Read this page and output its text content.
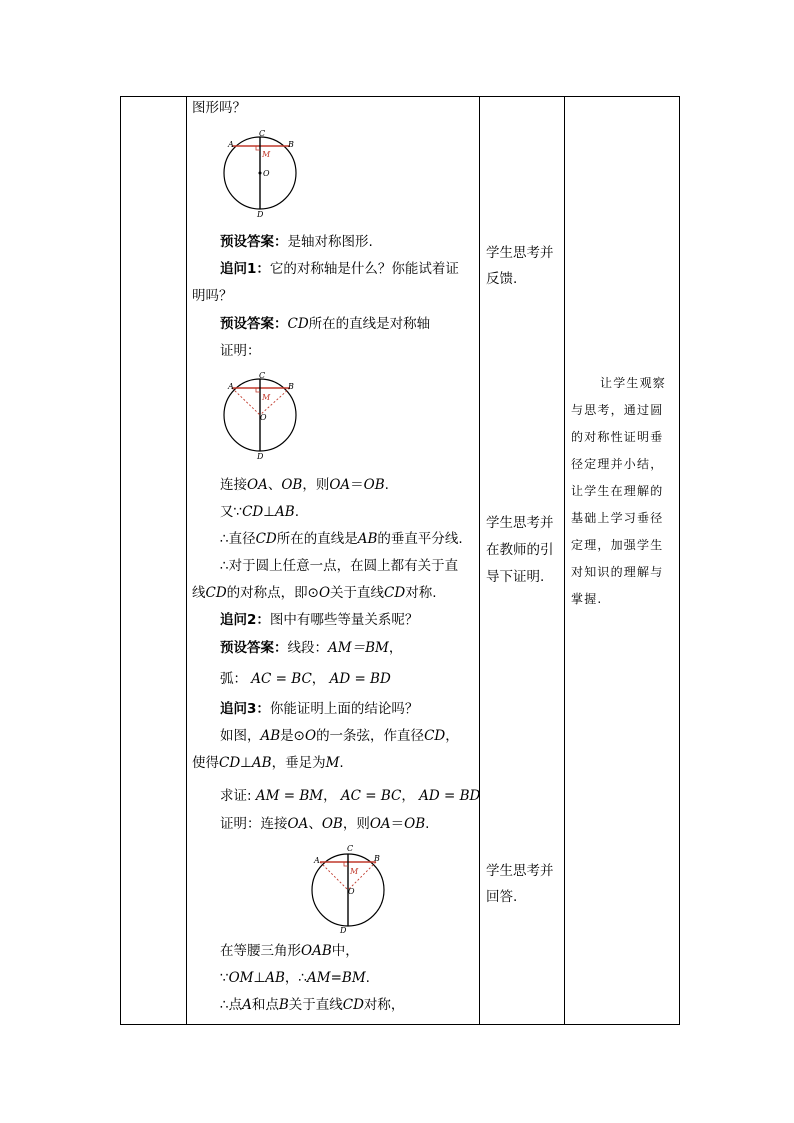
图形吗？
A
C
B
M
O
D
预设答案：是轴对称图形.
追问1：它的对称轴是什么？你能试着证
明吗？
预设答案：CD所在的直线是对称轴
证明：
A
C
B
M
O
D
连接OA、OB，则OA＝OB.
又∵CD⊥AB.
∴直径CD所在的直线是AB的垂直平分线.
∴对于圆上任意一点，在圆上都有关于直
线CD的对称点，即⊙O关于直线CD对称.
追问2：图中有哪些等量关系呢？
预设答案：线段：AM＝BM，
弧： AC = BC， AD = BD
追问3：你能证明上面的结论吗？
如图，AB是⊙O的一条弦，作直径CD，
使得CD⊥AB，垂足为M.
求证: AM = BM， AC = BC， AD = BD
证明：连接OA、OB，则OA＝OB.
A
C
B
M
O
D
在等腰三角形OAB中，
∵OM⊥AB，∴AM=BM.
∴点A和点B关于直线CD对称，
学生思考并
反馈.
学生思考并
在教师的引
导下证明.
学生思考并
回答.
让学生观察
与思考，通过圆
的对称性证明垂
径定理并小结，
让学生在理解的
基础上学习垂径
定理，加强学生
对知识的理解与
掌握.
